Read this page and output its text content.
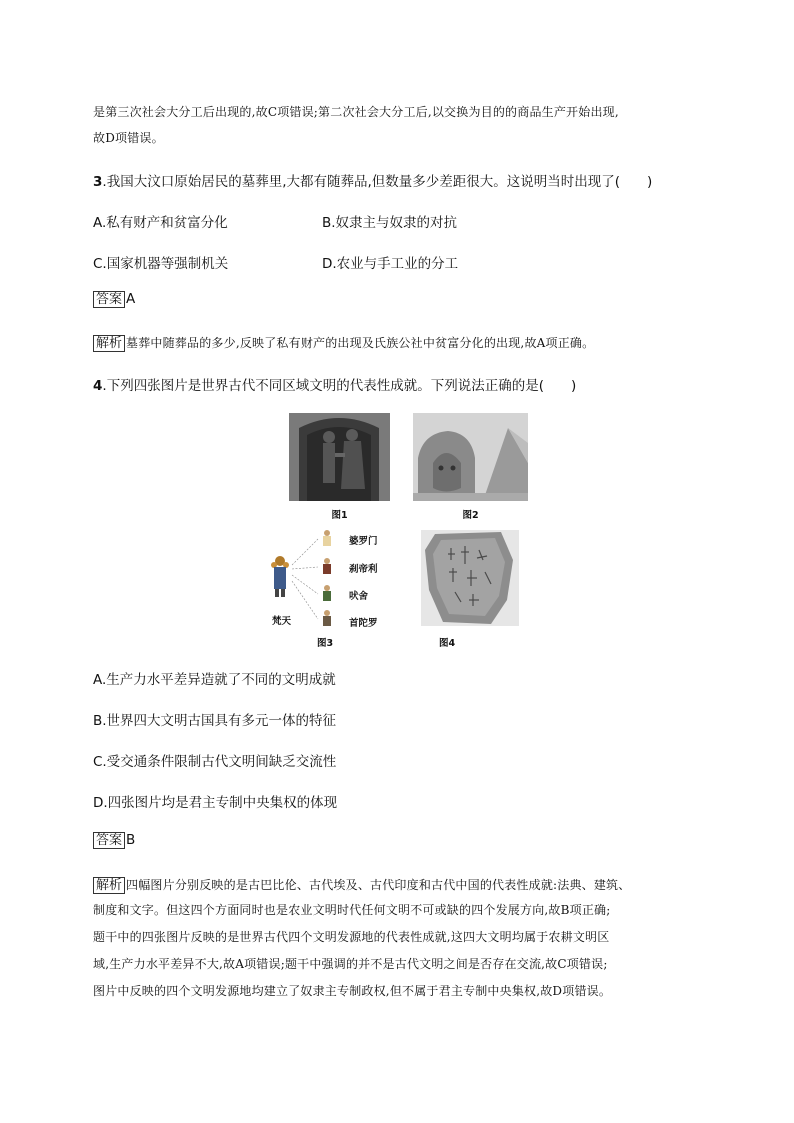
是第三次社会大分工后出现的,故C项错误;第二次社会大分工后,以交换为目的的商品生产开始出现,
故D项错误。
3.我国大汶口原始居民的墓葬里,大都有随葬品,但数量多少差距很大。这说明当时出现了(　　)
A.私有财产和贫富分化	B.奴隶主与奴隶的对抗
C.国家机器等强制机关	D.农业与手工业的分工
答案 A
解析 墓葬中随葬品的多少,反映了私有财产的出现及氏族公社中贫富分化的出现,故A项正确。
4.下列四张图片是世界古代不同区域文明的代表性成就。下列说法正确的是(　　)
图1	图2
婆罗门
刹帝利
吠舍
首陀罗
梵天
图3	图4
A.生产力水平差异造就了不同的文明成就
B.世界四大文明古国具有多元一体的特征
C.受交通条件限制古代文明间缺乏交流性
D.四张图片均是君主专制中央集权的体现
答案 B
解析 四幅图片分别反映的是古巴比伦、古代埃及、古代印度和古代中国的代表性成就:法典、建筑、
制度和文字。但这四个方面同时也是农业文明时代任何文明不可或缺的四个发展方向,故B项正确;
题干中的四张图片反映的是世界古代四个文明发源地的代表性成就,这四大文明均属于农耕文明区
域,生产力水平差异不大,故A项错误;题干中强调的并不是古代文明之间是否存在交流,故C项错误;
图片中反映的四个文明发源地均建立了奴隶主专制政权,但不属于君主专制中央集权,故D项错误。
